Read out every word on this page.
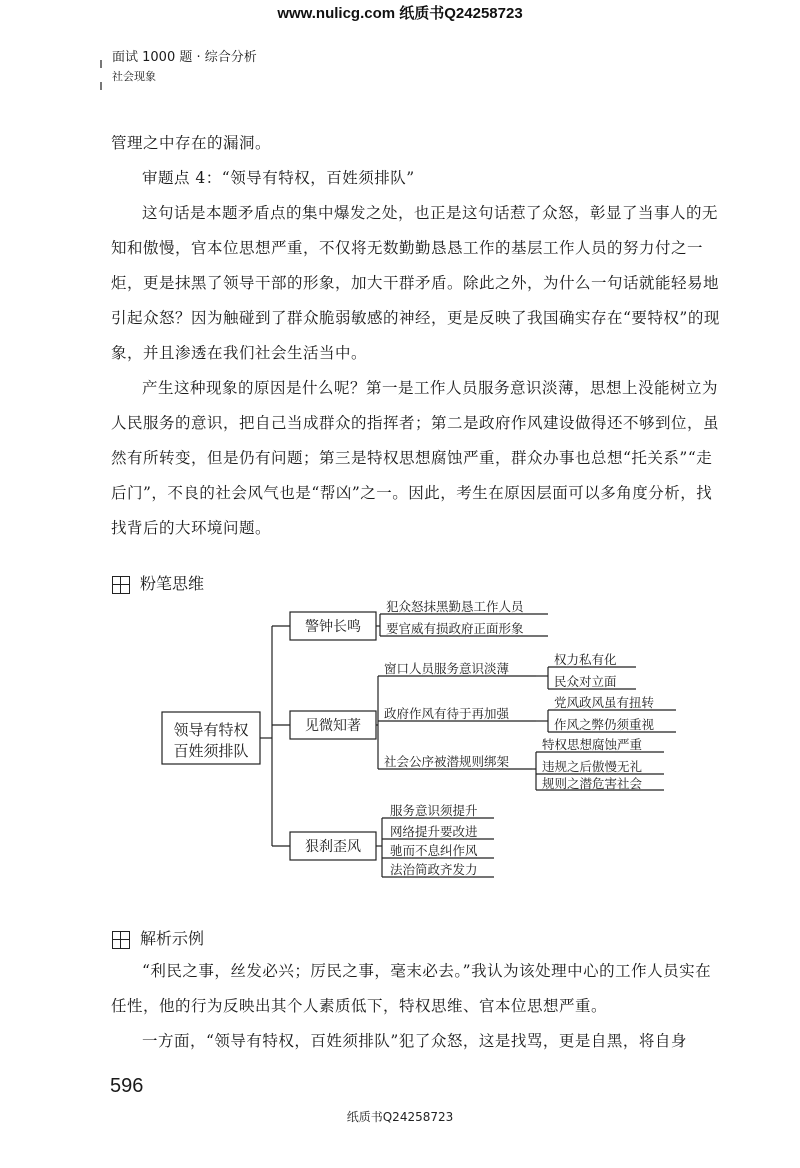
www.nulicg.com 纸质书Q24258723
面试 1000 题 · 综合分析
社会现象

管理之中存在的漏洞。

审题点 4：“领导有特权，百姓须排队”

这句话是本题矛盾点的集中爆发之处，也正是这句话惹了众怒，彰显了当事人的无知和傲慢，官本位思想严重，不仅将无数勤勤恳恳工作的基层工作人员的努力付之一炬，更是抹黑了领导干部的形象，加大干群矛盾。除此之外，为什么一句话就能轻易地引起众怒？因为触碰到了群众脆弱敏感的神经，更是反映了我国确实存在“要特权”的现象，并且渗透在我们社会生活当中。

产生这种现象的原因是什么呢？第一是工作人员服务意识淡薄，思想上没能树立为人民服务的意识，把自己当成群众的指挥者；第二是政府作风建设做得还不够到位，虽然有所转变，但是仍有问题；第三是特权思想腐蚀严重，群众办事也总想“托关系”“走后门”，不良的社会风气也是“帮凶”之一。因此，考生在原因层面可以多角度分析，找找背后的大环境问题。

粉笔思维
领导有特权
百姓须排队
警钟长鸣
见微知著
狠刹歪风
犯众怒抹黑勤恳工作人员
要官威有损政府正面形象
窗口人员服务意识淡薄
政府作风有待于再加强
社会公序被潜规则绑架
权力私有化
民众对立面
党风政风虽有扭转
作风之弊仍须重视
特权思想腐蚀严重
违规之后傲慢无礼
规则之潜危害社会
服务意识须提升
网络提升要改进
驰而不息纠作风
法治简政齐发力
解析示例

“利民之事，丝发必兴；厉民之事，毫末必去。”我认为该处理中心的工作人员实在任性，他的行为反映出其个人素质低下，特权思维、官本位思想严重。

一方面，“领导有特权，百姓须排队”犯了众怒，这是找骂，更是自黑，将自身

596
纸质书Q24258723
